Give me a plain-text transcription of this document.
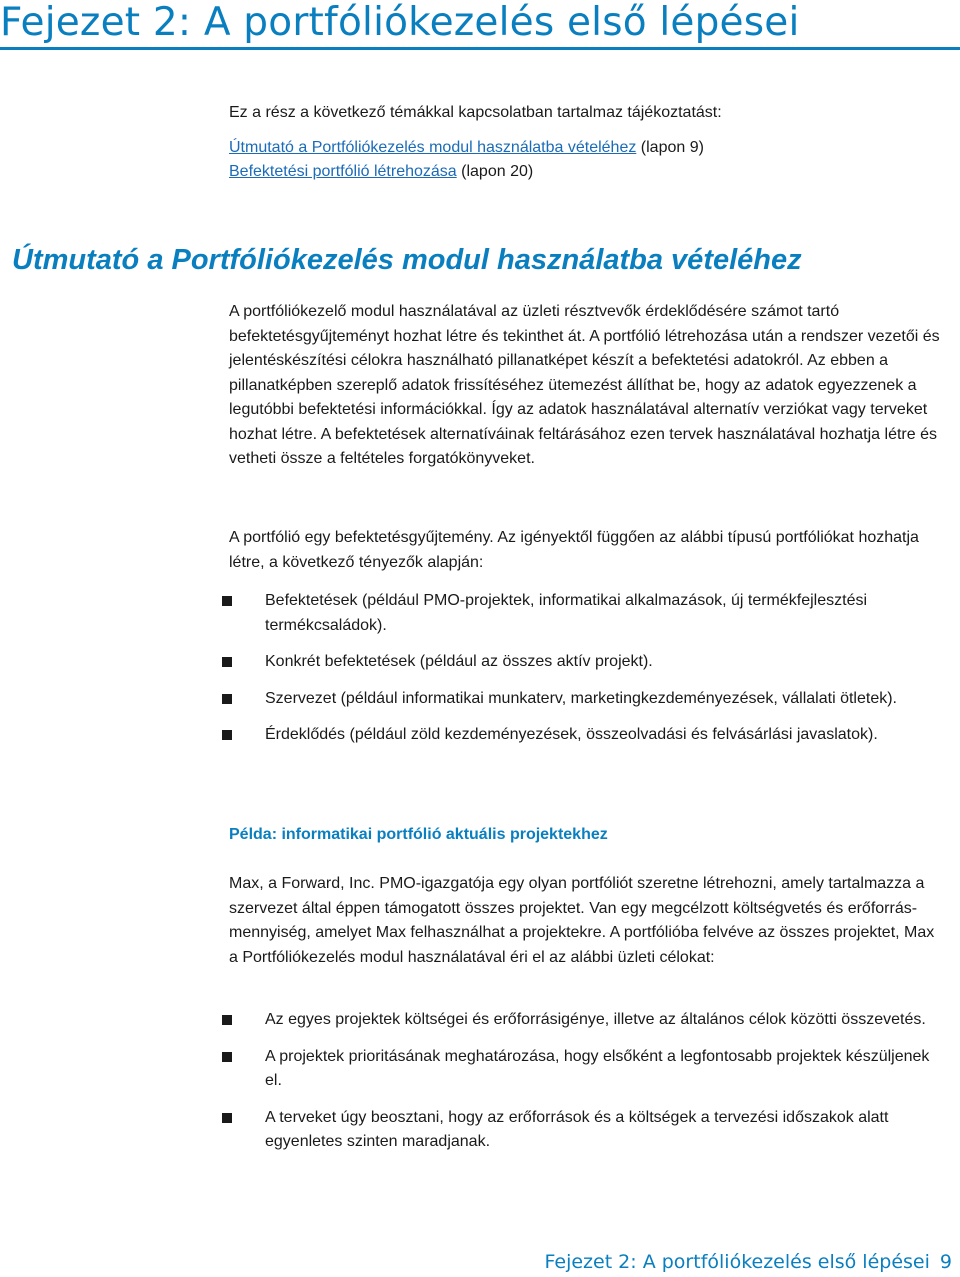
Fejezet 2: A portfóliókezelés első lépései

Ez a rész a következő témákkal kapcsolatban tartalmaz tájékoztatást:

Útmutató a Portfóliókezelés modul használatba vételéhez (lapon 9)

Befektetési portfólió létrehozása (lapon 20)

Útmutató a Portfóliókezelés modul használatba vételéhez

A portfóliókezelő modul használatával az üzleti résztvevők érdeklődésére számot tartó befektetésgyűjteményt hozhat létre és tekinthet át. A portfólió létrehozása után a rendszer vezetői és jelentéskészítési célokra használható pillanatképet készít a befektetési adatokról. Az ebben a pillanatképben szereplő adatok frissítéséhez ütemezést állíthat be, hogy az adatok egyezzenek a legutóbbi befektetési információkkal. Így az adatok használatával alternatív verziókat vagy terveket hozhat létre. A befektetések alternatíváinak feltárásához ezen tervek használatával hozhatja létre és vetheti össze a feltételes forgatókönyveket.

A portfólió egy befektetésgyűjtemény. Az igényektől függően az alábbi típusú portfóliókat hozhatja létre, a következő tényezők alapján:

Befektetések (például PMO-projektek, informatikai alkalmazások, új termékfejlesztési termékcsaládok).
Konkrét befektetések (például az összes aktív projekt).
Szervezet (például informatikai munkaterv, marketingkezdeményezések, vállalati ötletek).
Érdeklődés (például zöld kezdeményezések, összeolvadási és felvásárlási javaslatok).

Példa: informatikai portfólió aktuális projektekhez

Max, a Forward, Inc. PMO-igazgatója egy olyan portfóliót szeretne létrehozni, amely tartalmazza a szervezet által éppen támogatott összes projektet. Van egy megcélzott költségvetés és erőforrás-mennyiség, amelyet Max felhasználhat a projektekre. A portfólióba felvéve az összes projektet, Max a Portfóliókezelés modul használatával éri el az alábbi üzleti célokat:

Az egyes projektek költségei és erőforrásigénye, illetve az általános célok közötti összevetés.
A projektek prioritásának meghatározása, hogy elsőként a legfontosabb projektek készüljenek el.
A terveket úgy beosztani, hogy az erőforrások és a költségek a tervezési időszakok alatt egyenletes szinten maradjanak.
Fejezet 2: A portfóliókezelés első lépései 9
